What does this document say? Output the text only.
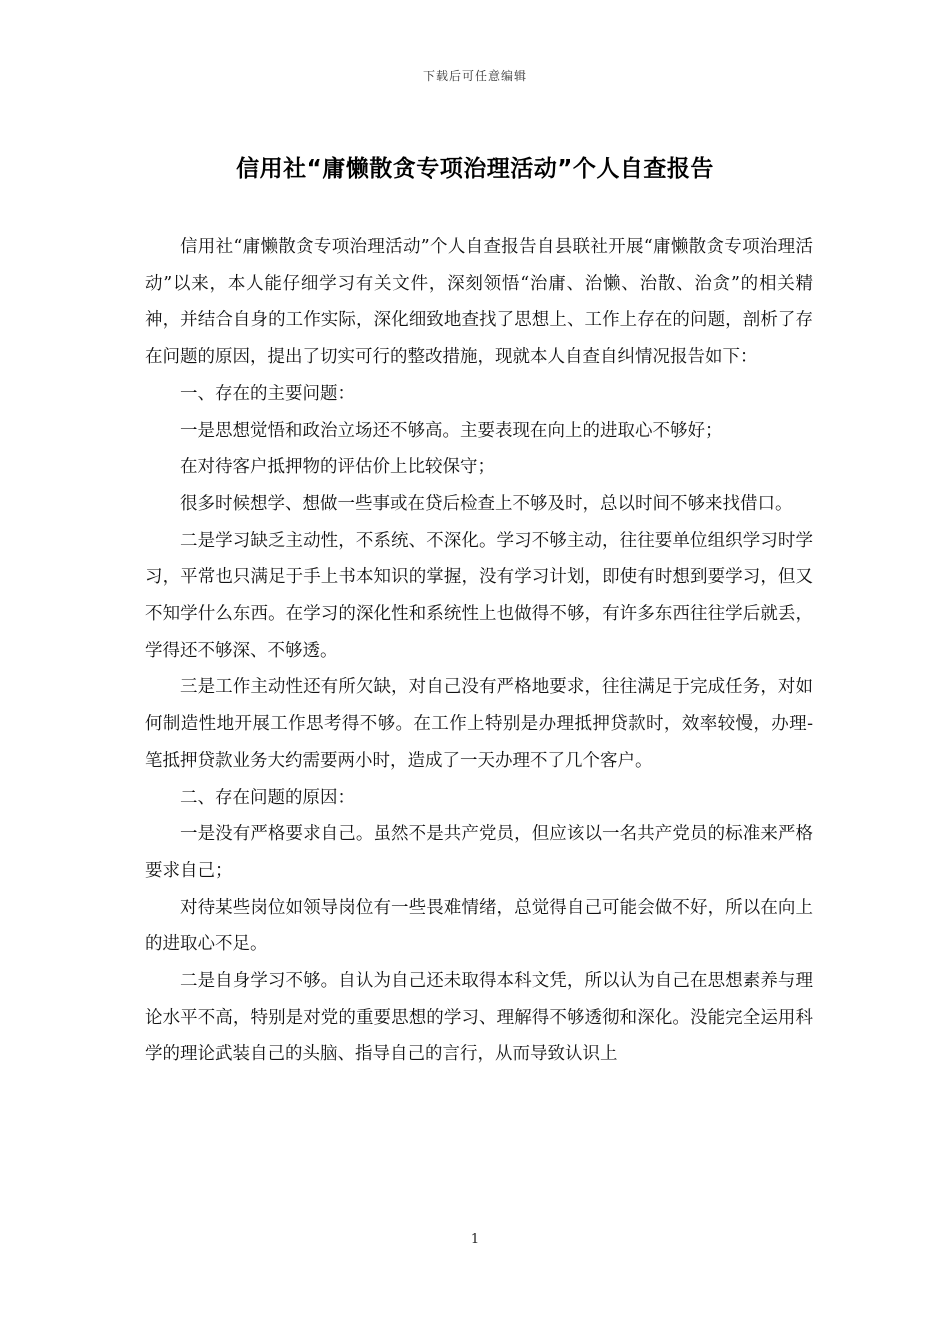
下载后可任意编辑
信用社“庸懒散贪专项治理活动”个人自查报告

信用社“庸懒散贪专项治理活动”个人自查报告自县联社开展“庸懒散贪专项治理活动”以来，本人能仔细学习有关文件，深刻领悟“治庸、治懒、治散、治贪”的相关精神，并结合自身的工作实际，深化细致地查找了思想上、工作上存在的问题，剖析了存在问题的原因，提出了切实可行的整改措施，现就本人自查自纠情况报告如下：

一、存在的主要问题：

一是思想觉悟和政治立场还不够高。主要表现在向上的进取心不够好；

在对待客户抵押物的评估价上比较保守；

很多时候想学、想做一些事或在贷后检查上不够及时，总以时间不够来找借口。

二是学习缺乏主动性，不系统、不深化。学习不够主动，往往要单位组织学习时学习，平常也只满足于手上书本知识的掌握，没有学习计划，即使有时想到要学习，但又不知学什么东西。在学习的深化性和系统性上也做得不够，有许多东西往往学后就丢，学得还不够深、不够透。

三是工作主动性还有所欠缺，对自己没有严格地要求，往往满足于完成任务，对如何制造性地开展工作思考得不够。在工作上特别是办理抵押贷款时，效率较慢，办理-笔抵押贷款业务大约需要两小时，造成了一天办理不了几个客户。

二、存在问题的原因：

一是没有严格要求自己。虽然不是共产党员，但应该以一名共产党员的标准来严格要求自己；

对待某些岗位如领导岗位有一些畏难情绪，总觉得自己可能会做不好，所以在向上的进取心不足。

二是自身学习不够。自认为自己还未取得本科文凭，所以认为自己在思想素养与理论水平不高，特别是对党的重要思想的学习、理解得不够透彻和深化。没能完全运用科学的理论武装自己的头脑、指导自己的言行，从而导致认识上

1
